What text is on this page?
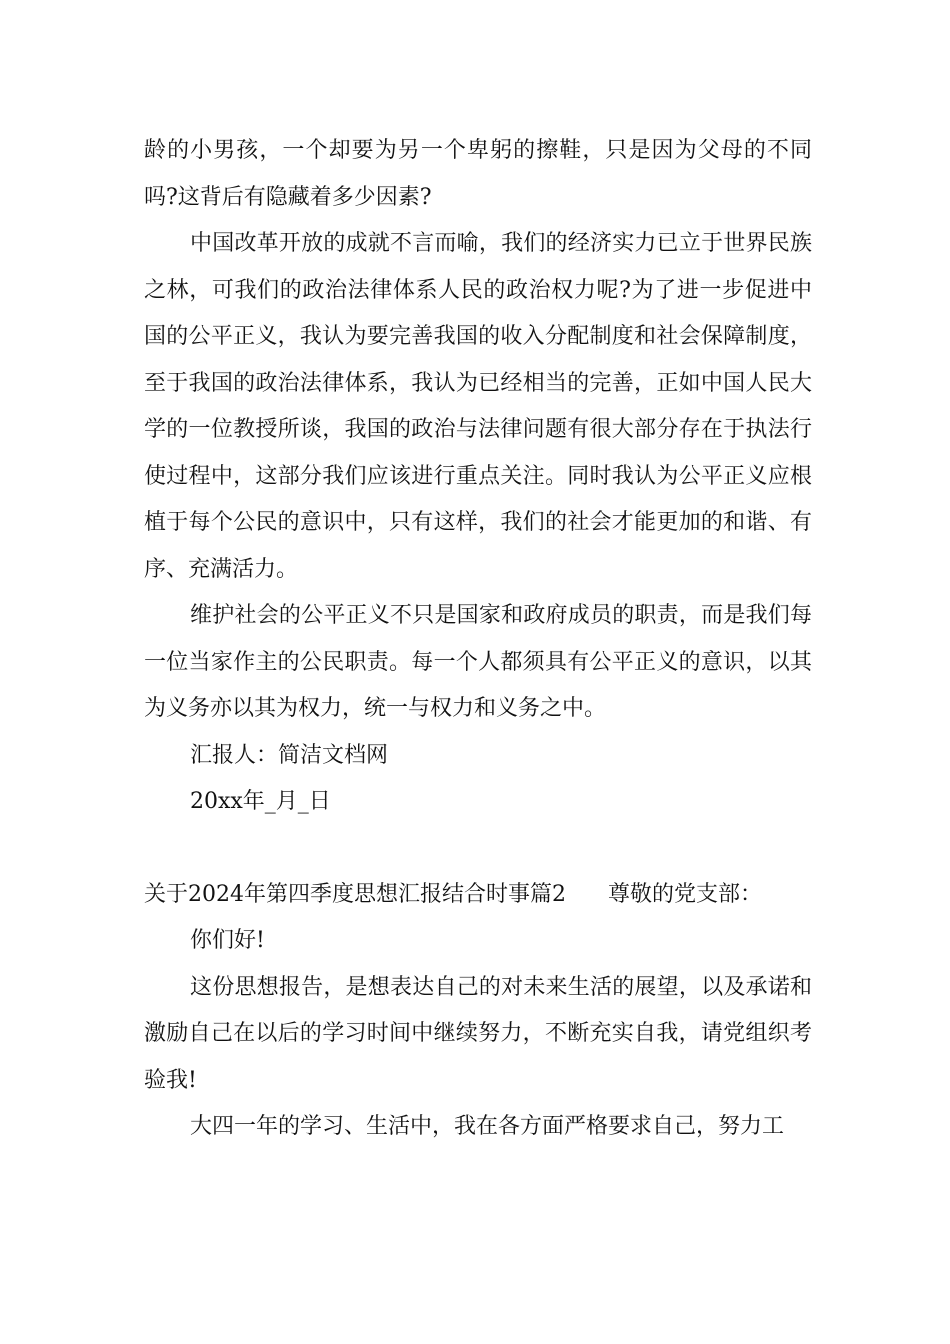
龄的小男孩，一个却要为另一个卑躬的擦鞋，只是因为父母的不同吗?这背后有隐藏着多少因素?

中国改革开放的成就不言而喻，我们的经济实力已立于世界民族之林，可我们的政治法律体系人民的政治权力呢?为了进一步促进中国的公平正义，我认为要完善我国的收入分配制度和社会保障制度，至于我国的政治法律体系，我认为已经相当的完善，正如中国人民大学的一位教授所谈，我国的政治与法律问题有很大部分存在于执法行使过程中，这部分我们应该进行重点关注。同时我认为公平正义应根植于每个公民的意识中，只有这样，我们的社会才能更加的和谐、有序、充满活力。

维护社会的公平正义不只是国家和政府成员的职责，而是我们每一位当家作主的公民职责。每一个人都须具有公平正义的意识，以其为义务亦以其为权力，统一与权力和义务之中。

汇报人：简洁文档网

20xx年_月_日

关于2024年第四季度思想汇报结合时事篇2 尊敬的党支部：

你们好!

这份思想报告，是想表达自己的对未来生活的展望，以及承诺和激励自己在以后的学习时间中继续努力，不断充实自我，请党组织考验我!

大四一年的学习、生活中，我在各方面严格要求自己，努力工
